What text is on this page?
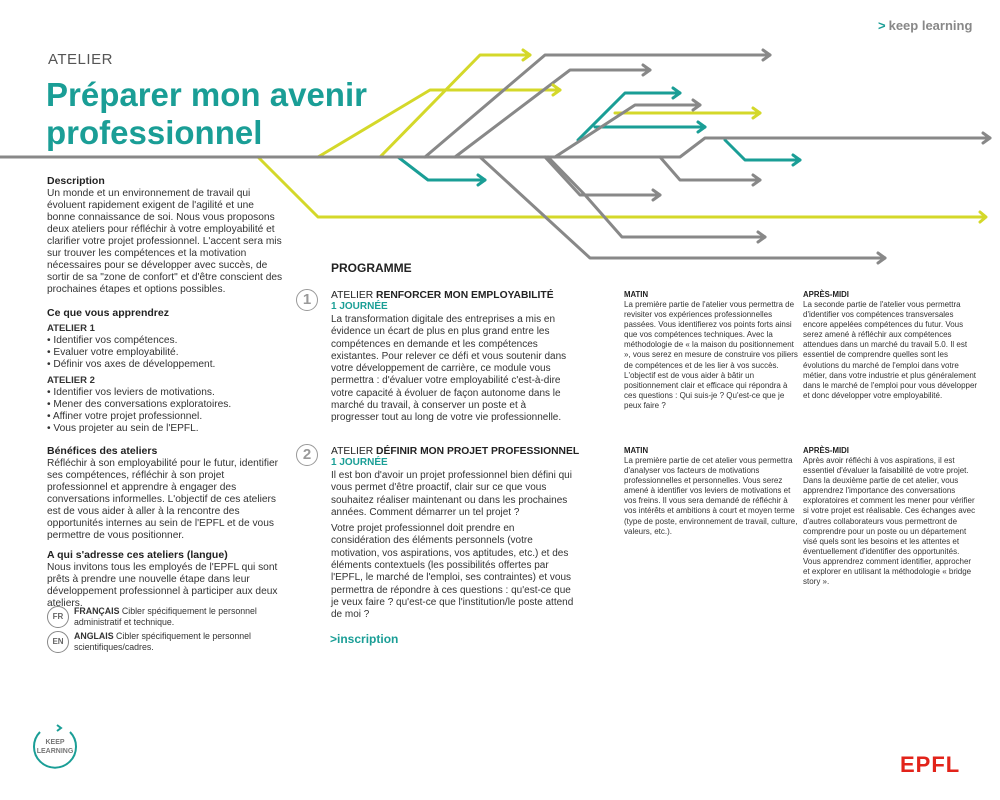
> keep learning
ATELIER
Préparer mon avenir
professionnel
Description

Un monde et un environnement de travail qui évoluent rapidement exigent de l'agilité et une bonne connaissance de soi. Nous vous proposons deux ateliers pour réfléchir à votre employabilité et clarifier votre projet professionnel. L'accent sera mis sur trouver les compétences et la motivation nécessaires pour se développer avec succès, de sortir de sa "zone de confort" et d'être conscient des prochaines étapes et options possibles.

Ce que vous apprendrez
ATELIER 1
• Identifier vos compétences.
• Evaluer votre employabilité.
• Définir vos axes de développement.
ATELIER 2
• Identifier vos leviers de motivations.
• Mener des conversations exploratoires.
• Affiner votre projet professionnel.
• Vous projeter au sein de l'EPFL.
Bénéfices des ateliers

Réfléchir à son employabilité pour le futur, identifier ses compétences, réfléchir à son projet professionnel et apprendre à engager des conversations informelles. L'objectif de ces ateliers est de vous aider à aller à la rencontre des opportunités internes au sein de l'EPFL et de vous permettre de vous positionner.

A qui s'adresse ces ateliers (langue)

Nous invitons tous les employés de l'EPFL qui sont prêts à prendre une nouvelle étape dans leur développement professionnel à participer aux deux ateliers.

FR
FRANÇAIS Cibler spécifiquement le personnel administratif et technique.
EN
ANGLAIS Cibler spécifiquement le personnel scientifiques/cadres.
PROGRAMME
1	ATELIER RENFORCER MON EMPLOYABILITÉ
1 JOURNÉE

La transformation digitale des entreprises a mis en évidence un écart de plus en plus grand entre les compétences en demande et les compétences existantes. Pour relever ce défi et vous soutenir dans votre développement de carrière, ce module vous permettra : d'évaluer votre employabilité c'est-à-dire votre capacité à évoluer de façon autonome dans le marché du travail, à conserver un poste et à progresser tout au long de votre vie professionnelle.

MATIN
La première partie de l'atelier vous permettra de revisiter vos expériences professionnelles passées. Vous identifierez vos points forts ainsi que vos compétences techniques. Avec la méthodologie de « la maison du positionnement », vous serez en mesure de construire vos piliers de compétences et de les lier à vos succès. L'objectif est de vous aider à bâtir un positionnement clair et efficace qui répondra à ces questions : Qui suis-je ? Qu'est-ce que je peux faire ?
APRÈS-MIDI
La seconde partie de l'atelier vous permettra d'identifier vos compétences transversales encore appelées compétences du futur. Vous serez amené à réfléchir aux compétences attendues dans un marché du travail 5.0. Il est essentiel de comprendre quelles sont les évolutions du marché de l'emploi dans votre métier, dans votre industrie et plus généralement dans le marché de l'emploi pour vous développer et donc développer votre employabilité.
2	ATELIER DÉFINIR MON PROJET PROFESSIONNEL
1 JOURNÉE

Il est bon d'avoir un projet professionnel bien défini qui vous permet d'être proactif, clair sur ce que vous souhaitez réaliser maintenant ou dans les prochaines années. Comment démarrer un tel projet ?

Votre projet professionnel doit prendre en considération des éléments personnels (votre motivation, vos aspirations, vos aptitudes, etc.) et des éléments contextuels (les possibilités offertes par l'EPFL, le marché de l'emploi, ses contraintes) et vous permettra de répondre à ces questions : qu'est-ce que je veux faire ? qu'est-ce que l'institution/le poste attend de moi ?

MATIN
La première partie de cet atelier vous permettra d'analyser vos facteurs de motivations professionnelles et personnelles. Vous serez amené à identifier vos leviers de motivations et vos freins. Il vous sera demandé de réfléchir à vos intérêts et ambitions à court et moyen terme (type de poste, environnement de travail, culture, valeurs, etc.).
APRÈS-MIDI
Après avoir réfléchi à vos aspirations, il est essentiel d'évaluer la faisabilité de votre projet. Dans la deuxième partie de cet atelier, vous apprendrez l'importance des conversations exploratoires et comment les mener pour vérifier si votre projet est réalisable. Ces échanges avec d'autres collaborateurs vous permettront de comprendre pour un poste ou un département visé quels sont les besoins et les attentes et éventuellement d'identifier des opportunités. Vous apprendrez comment identifier, approcher et explorer en utilisant la méthodologie « bridge story ».
>inscription
KEEP
LEARNING
EPFL
